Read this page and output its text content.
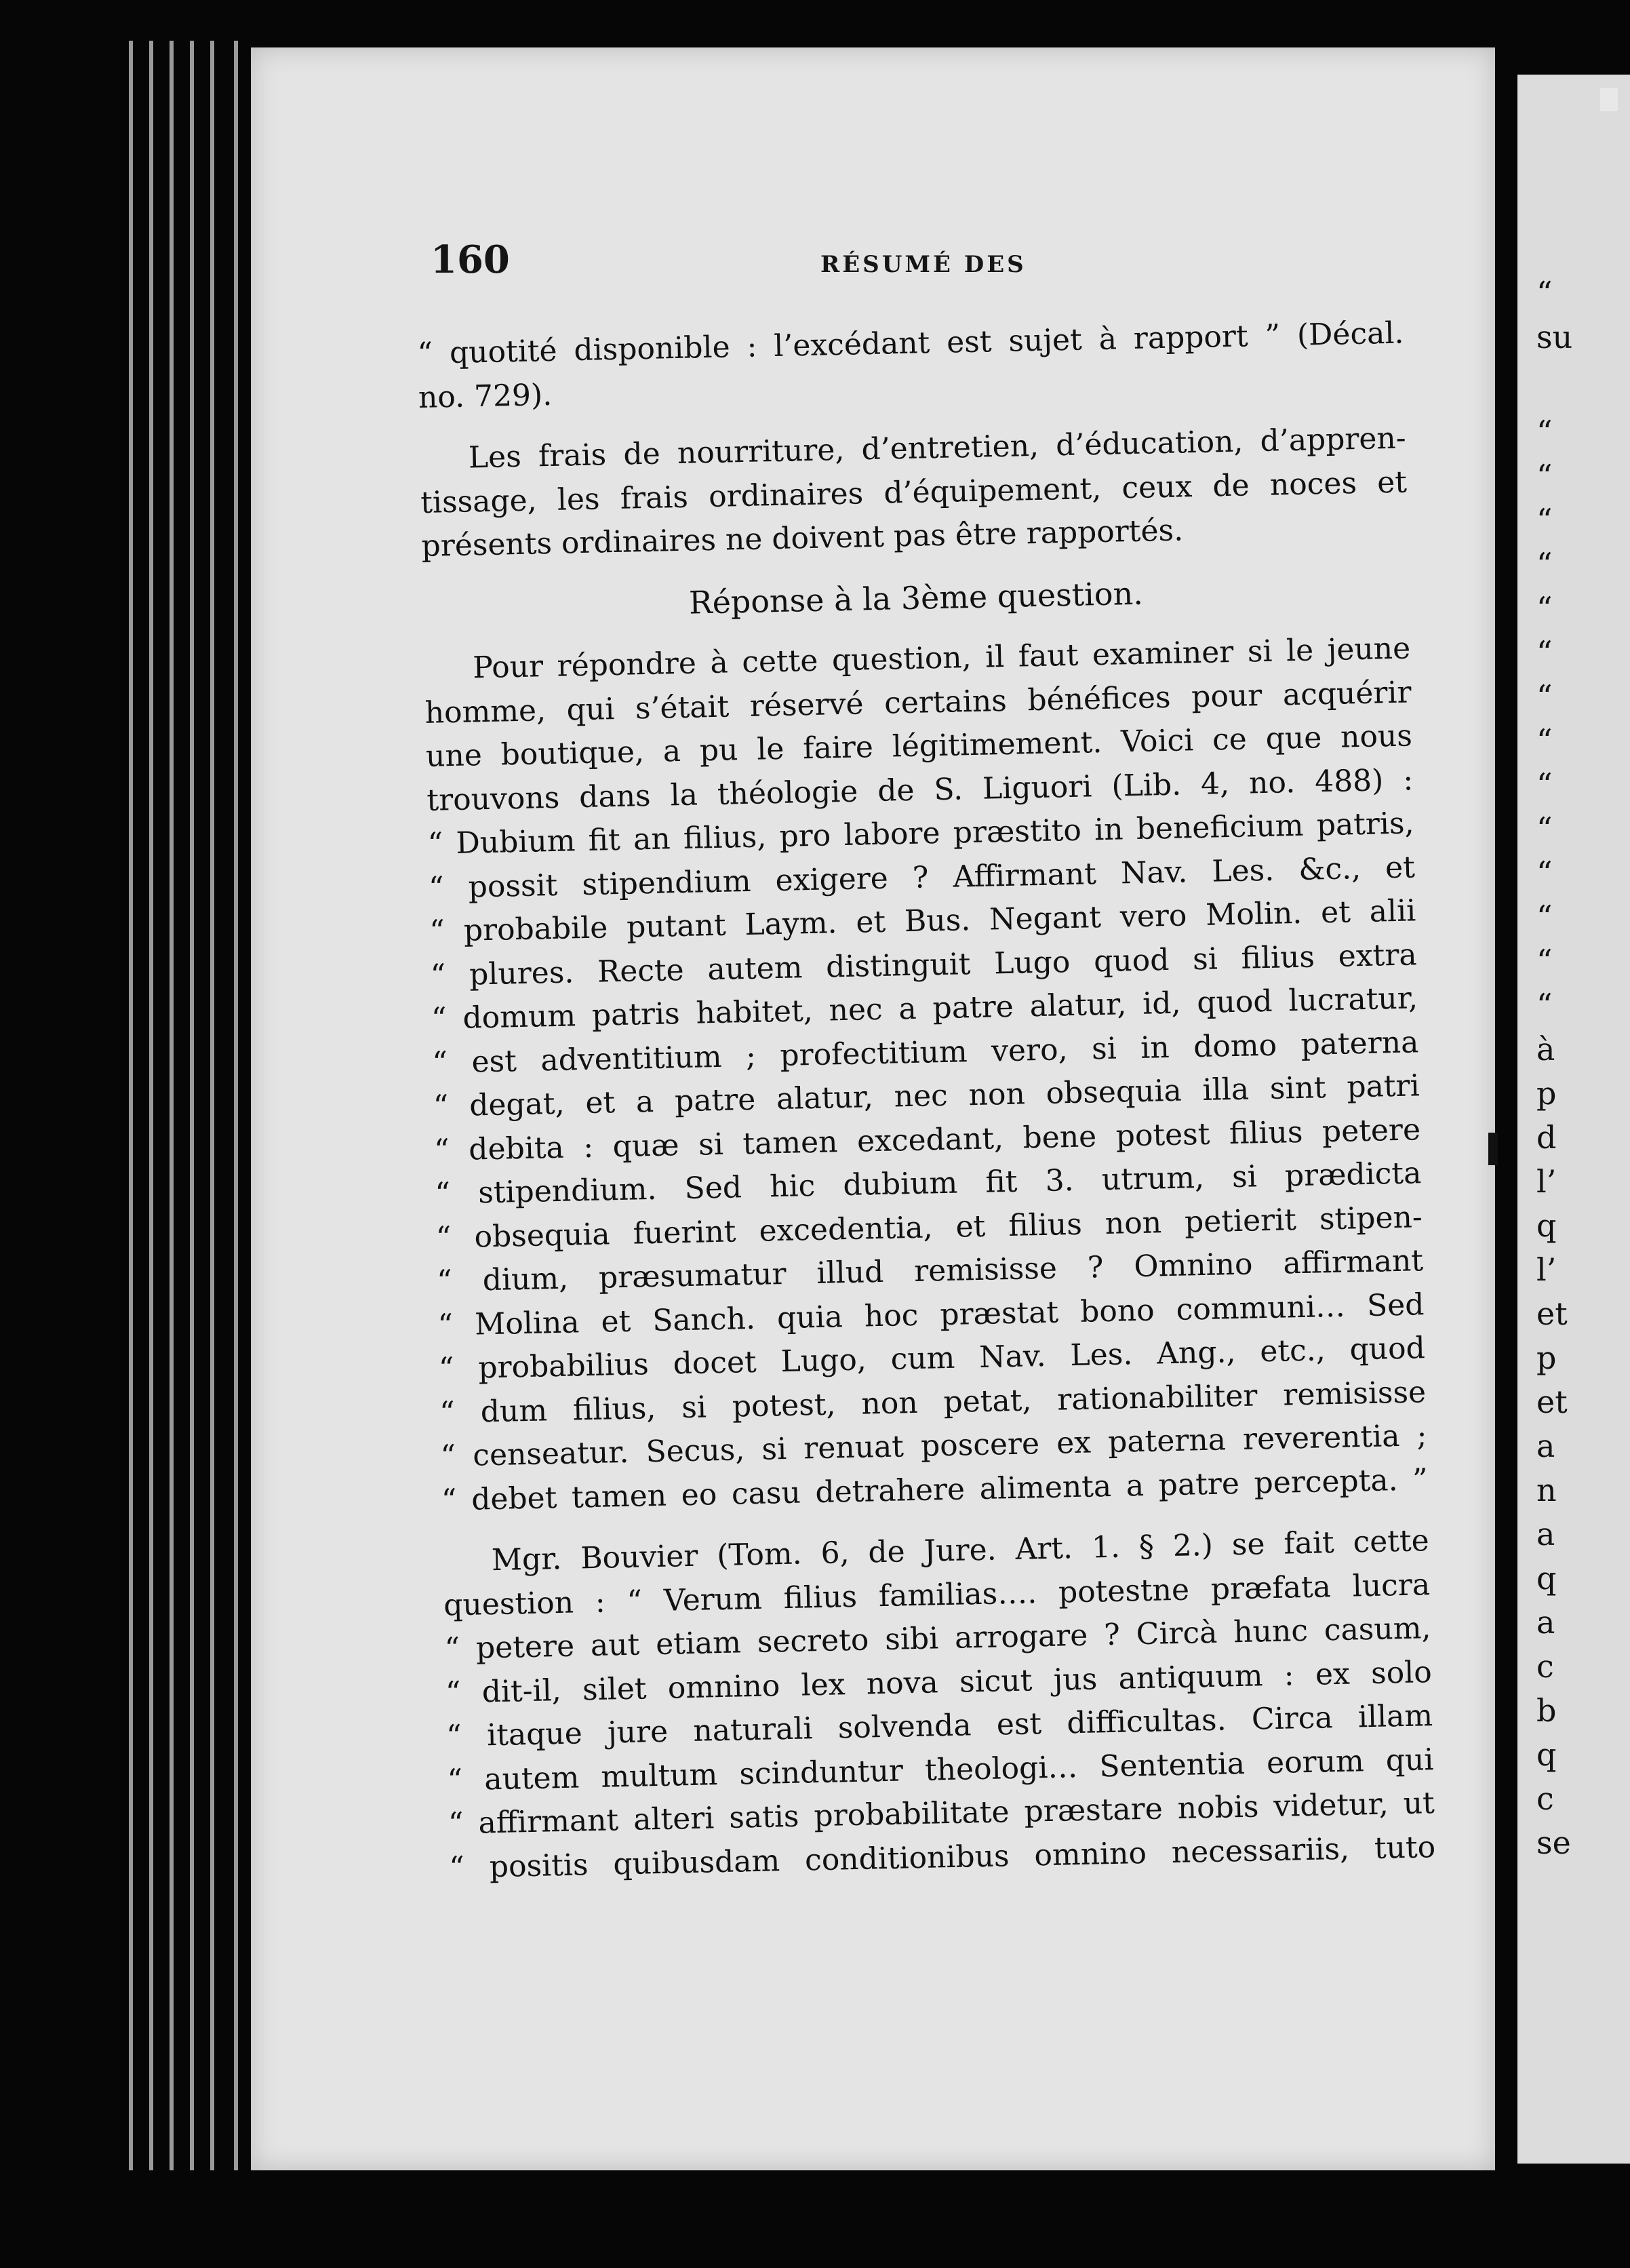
160	RÉSUMÉ DES
“ quotité disponible : l’excédant est sujet à rapport ” (Décal.
no. 729).
Les frais de nourriture, d’entretien, d’éducation, d’appren-
tissage, les frais ordinaires d’équipement, ceux de noces et
présents ordinaires ne doivent pas être rapportés.
Réponse à la 3ème question.
Pour répondre à cette question, il faut examiner si le jeune
homme, qui s’était réservé certains bénéfices pour acquérir
une boutique, a pu le faire légitimement. Voici ce que nous
trouvons dans la théologie de S. Liguori (Lib. 4, no. 488) :
“ Dubium fit an filius, pro labore præstito in beneficium patris,
“ possit stipendium exigere ? Affirmant Nav. Les. &c., et
“ probabile putant Laym. et Bus. Negant vero Molin. et alii
“ plures. Recte autem distinguit Lugo quod si filius extra
“ domum patris habitet, nec a patre alatur, id, quod lucratur,
“ est adventitium ; profectitium vero, si in domo paterna
“ degat, et a patre alatur, nec non obsequia illa sint patri
“ debita : quæ si tamen excedant, bene potest filius petere
“ stipendium. Sed hic dubium fit 3. utrum, si prædicta
“ obsequia fuerint excedentia, et filius non petierit stipen-
“ dium, præsumatur illud remisisse ? Omnino affirmant
“ Molina et Sanch. quia hoc præstat bono communi… Sed
“ probabilius docet Lugo, cum Nav. Les. Ang., etc., quod
“ dum filius, si potest, non petat, rationabiliter remisisse
“ censeatur. Secus, si renuat poscere ex paterna reverentia ;
“ debet tamen eo casu detrahere alimenta a patre percepta. ”
Mgr. Bouvier (Tom. 6, de Jure. Art. 1. § 2.) se fait cette
question : “ Verum filius familias…. potestne præfata lucra
“ petere aut etiam secreto sibi arrogare ? Circà hunc casum,
“ dit-il, silet omnino lex nova sicut jus antiquum : ex solo
“ itaque jure naturali solvenda est difficultas. Circa illam
“ autem multum scinduntur theologi… Sententia eorum qui
“ affirmant alteri satis probabilitate præstare nobis videtur, ut
“ positis quibusdam conditionibus omnino necessariis, tuto
“
su
“
“
“
“
“
“
“
“
“
“
“
“
“
“
à
p
d
l’
q
l’
et
p
et
a
n
a
q
a
c
b
q
c
se
